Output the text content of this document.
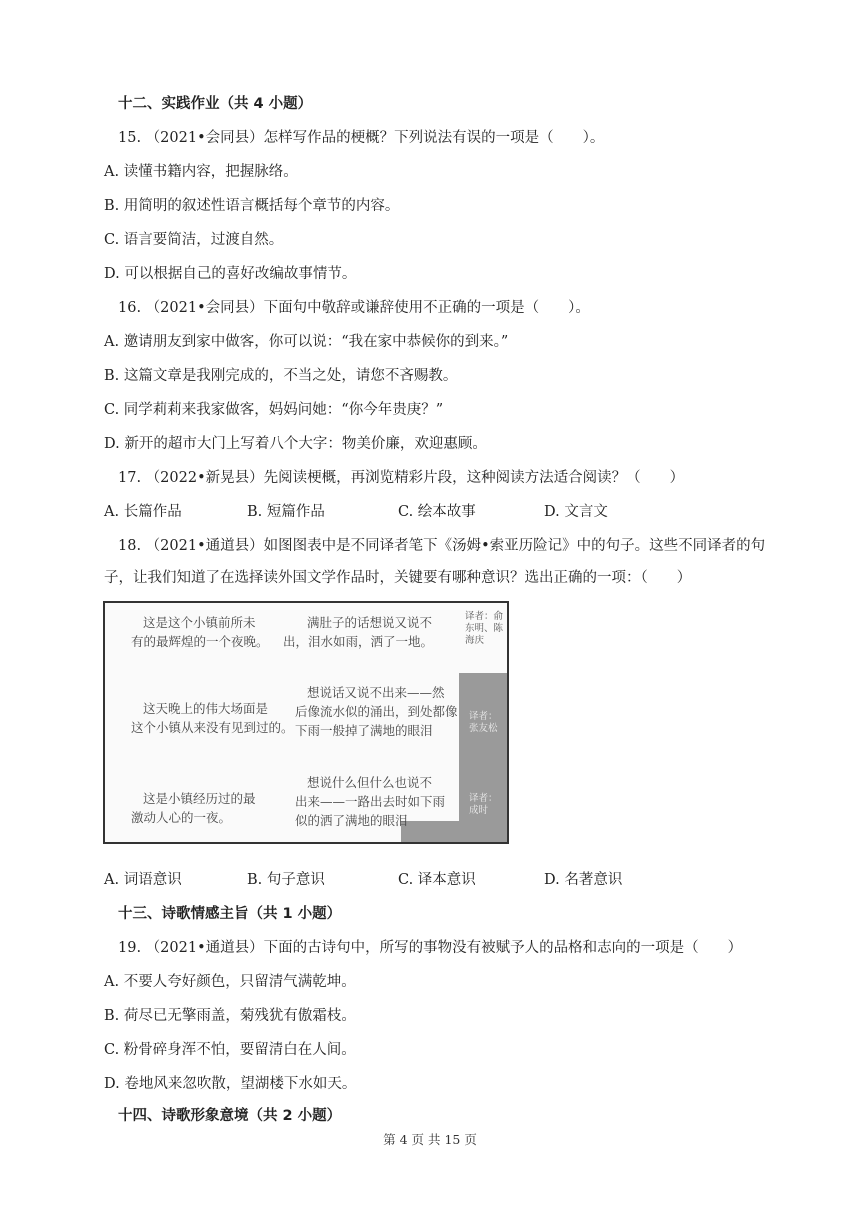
十二、实践作业（共 4 小题）
15. （2021•会同县）怎样写作品的梗概？下列说法有误的一项是（　　）。
A. 读懂书籍内容，把握脉络。
B. 用简明的叙述性语言概括每个章节的内容。
C. 语言要简洁，过渡自然。
D. 可以根据自己的喜好改编故事情节。
16. （2021•会同县）下面句中敬辞或谦辞使用不正确的一项是（　　）。
A. 邀请朋友到家中做客，你可以说：“我在家中恭候你的到来。”
B. 这篇文章是我刚完成的，不当之处，请您不吝赐教。
C. 同学莉莉来我家做客，妈妈问她：“你今年贵庚？”
D. 新开的超市大门上写着八个大字：物美价廉，欢迎惠顾。
17. （2022•新晃县）先阅读梗概，再浏览精彩片段，这种阅读方法适合阅读？（　　）
A. 长篇作品	B. 短篇作品	C. 绘本故事	D. 文言文
18. （2021•通道县）如图图表中是不同译者笔下《汤姆•索亚历险记》中的句子。这些不同译者的句
子，让我们知道了在选择读外国文学作品时，关键要有哪种意识？选出正确的一项：（　　）
这是这个小镇前所未
有的最辉煌的一个夜晚。
满肚子的话想说又说不
出，泪水如雨，洒了一地。
译者：俞东明、陈海庆
这天晚上的伟大场面是
这个小镇从来没有见到过的。
想说话又说不出来——然
后像流水似的涌出，到处都像
下雨一般掉了满地的眼泪
译者：张友松
这是小镇经历过的最
激动人心的一夜。
想说什么但什么也说不
出来——一路出去时如下雨
似的洒了满地的眼泪
译者：成时
A. 词语意识	B. 句子意识	C. 译本意识	D. 名著意识
十三、诗歌情感主旨（共 1 小题）
19. （2021•通道县）下面的古诗句中，所写的事物没有被赋予人的品格和志向的一项是（　　）
A. 不要人夸好颜色，只留清气满乾坤。
B. 荷尽已无擎雨盖，菊残犹有傲霜枝。
C. 粉骨碎身浑不怕，要留清白在人间。
D. 卷地风来忽吹散，望湖楼下水如天。
十四、诗歌形象意境（共 2 小题）
第 4 页 共 15 页
